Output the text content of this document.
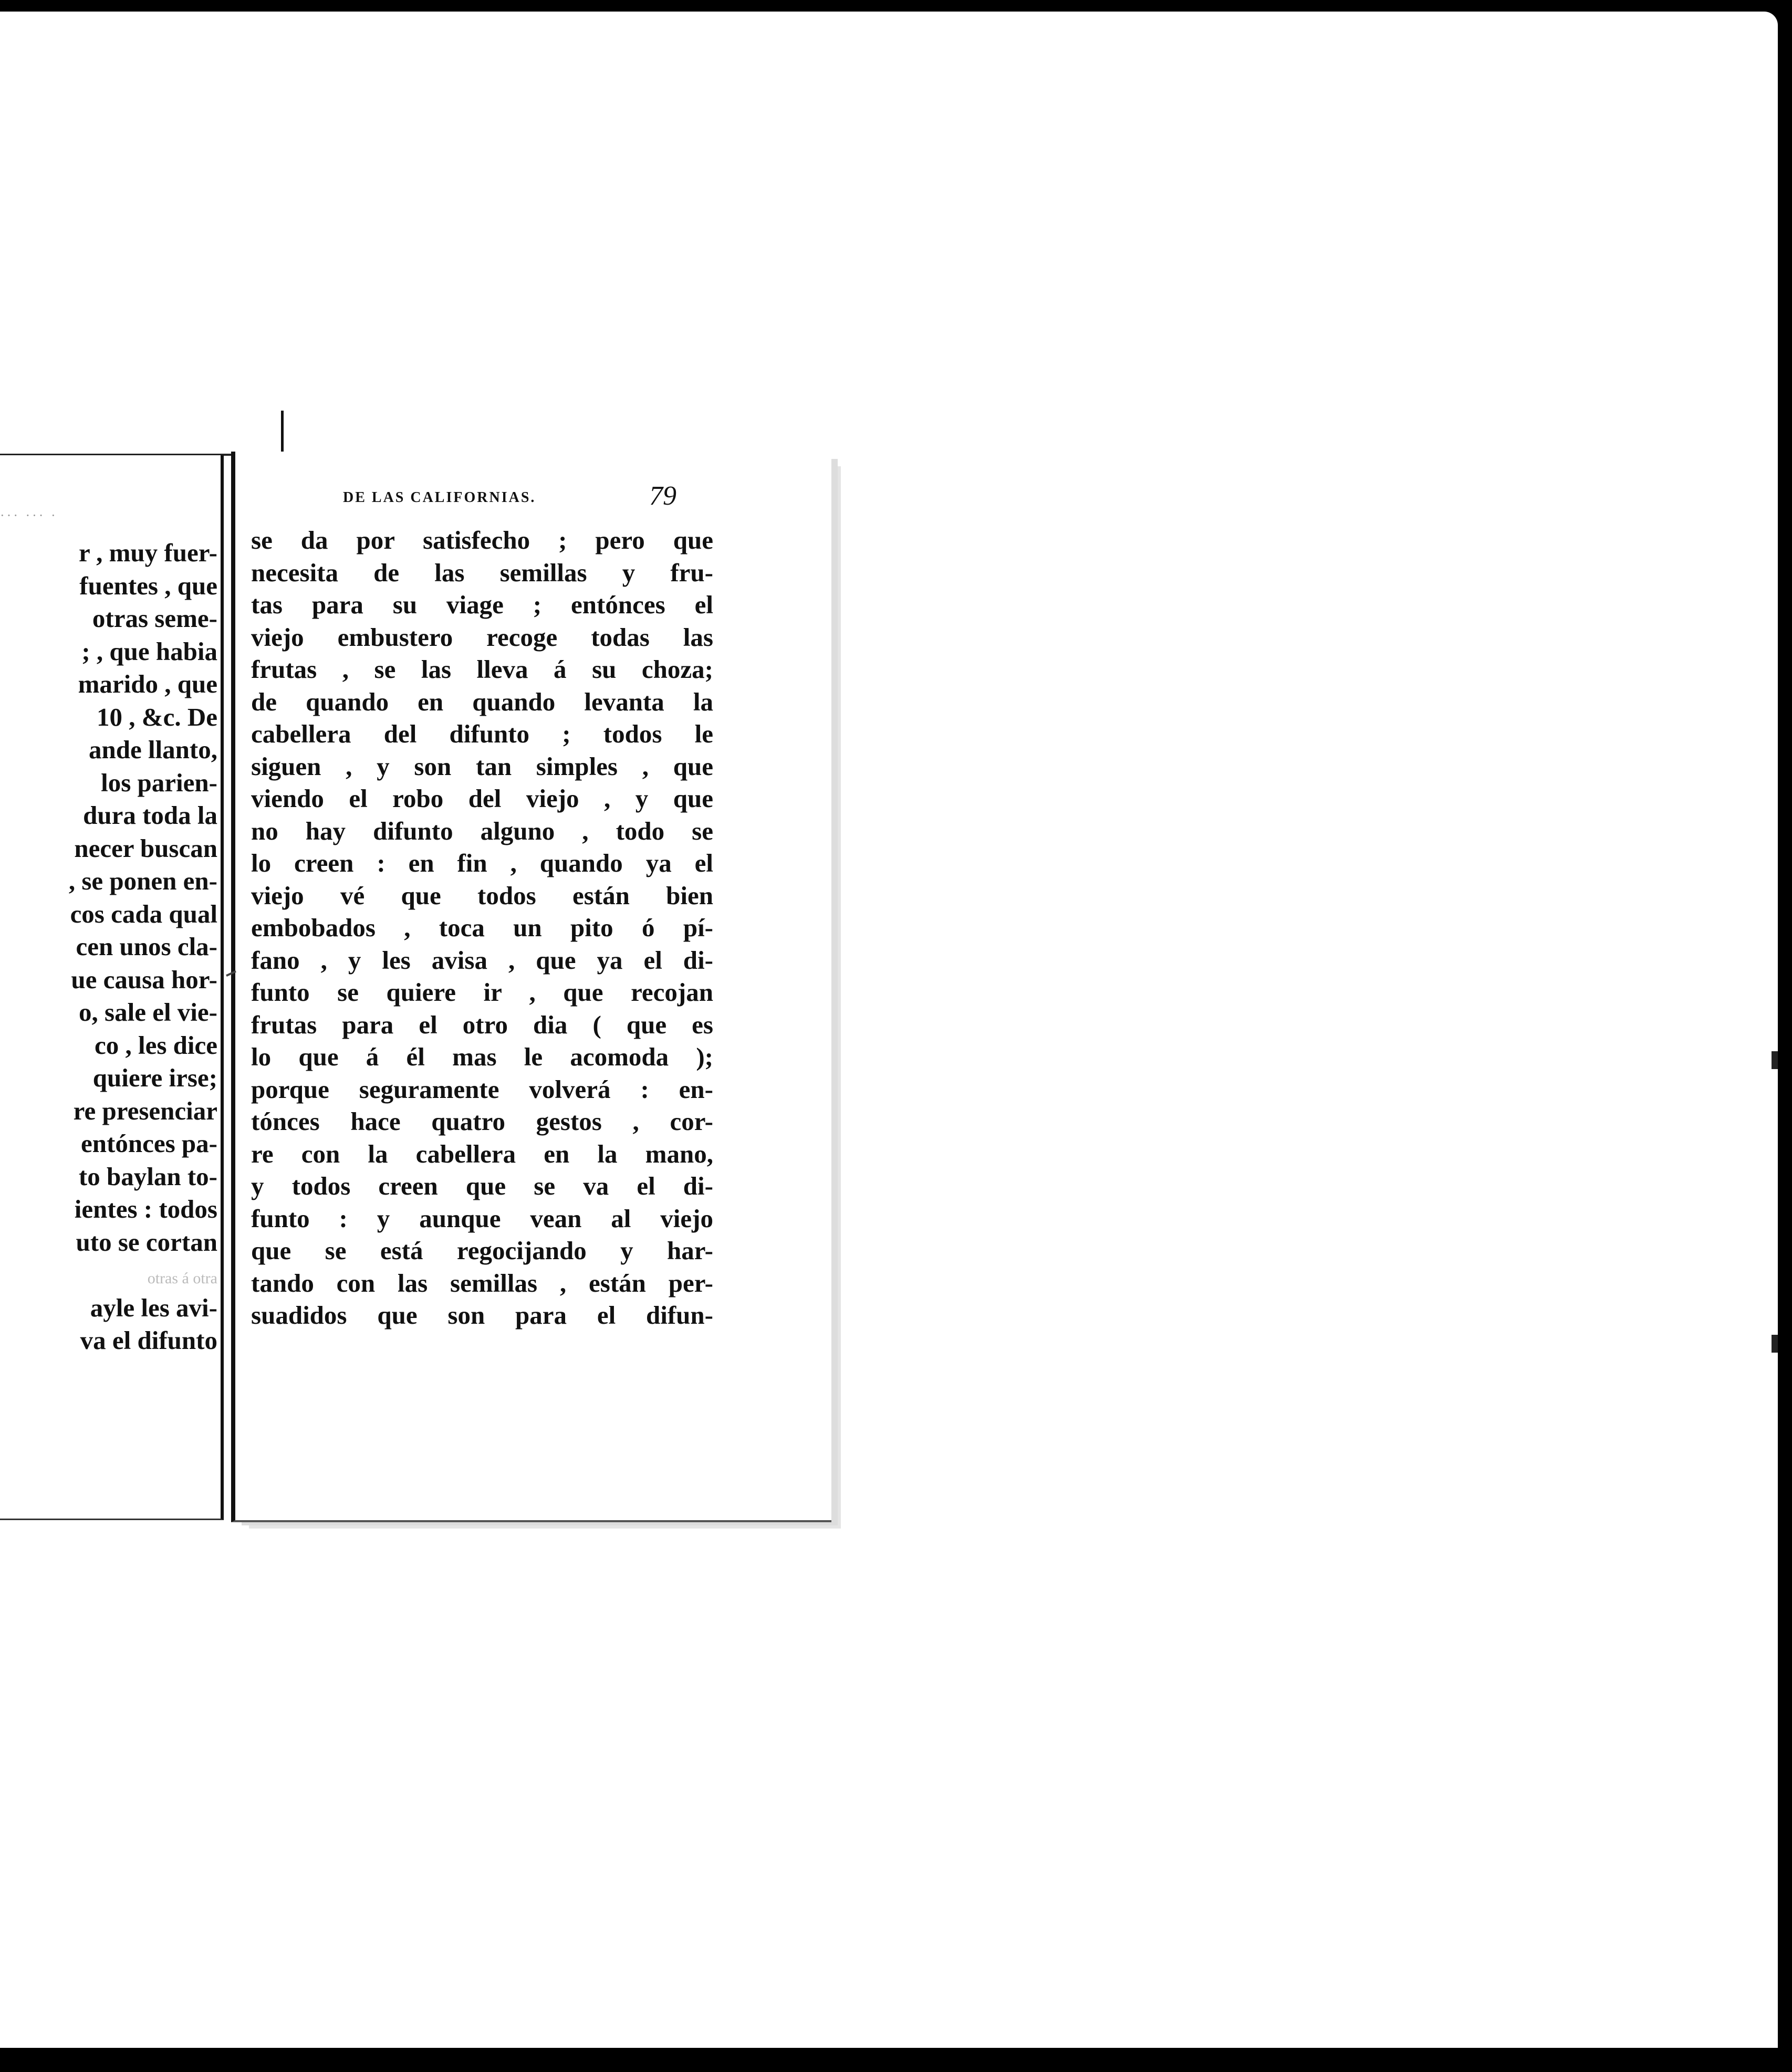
··· ··· ·
r , muy fuer-
fuentes , que
otras seme-
; , que habia
marido , que
10 , &c. De
ande llanto,
los parien-
dura toda la
necer buscan
, se ponen en-
cos cada qual
cen unos cla-
ue causa hor-
o, sale el vie-
co , les dice
quiere irse;
re presenciar
entónces pa-
to baylan to-
ientes : todos
uto se cortan
otras á otra
ayle les avi-
va el difunto
DE LAS CALIFORNIAS.	79
se da por satisfecho ; pero que
necesita de las semillas y fru-
tas para su viage ; entónces el
viejo embustero recoge todas las
frutas , se las lleva á su choza;
de quando en quando levanta la
cabellera del difunto ; todos le
siguen , y son tan simples , que
viendo el robo del viejo , y que
no hay difunto alguno , todo se
lo creen : en fin , quando ya el
viejo vé que todos están bien
embobados , toca un pito ó pí-
fano , y les avisa , que ya el di-
funto se quiere ir , que recojan
frutas para el otro dia ( que es
lo que á él mas le acomoda );
porque seguramente volverá : en-
tónces hace quatro gestos , cor-
re con la cabellera en la mano,
y todos creen que se va el di-
funto : y aunque vean al viejo
que se está regocijando y har-
tando con las semillas , están per-
suadidos que son para el difun-
